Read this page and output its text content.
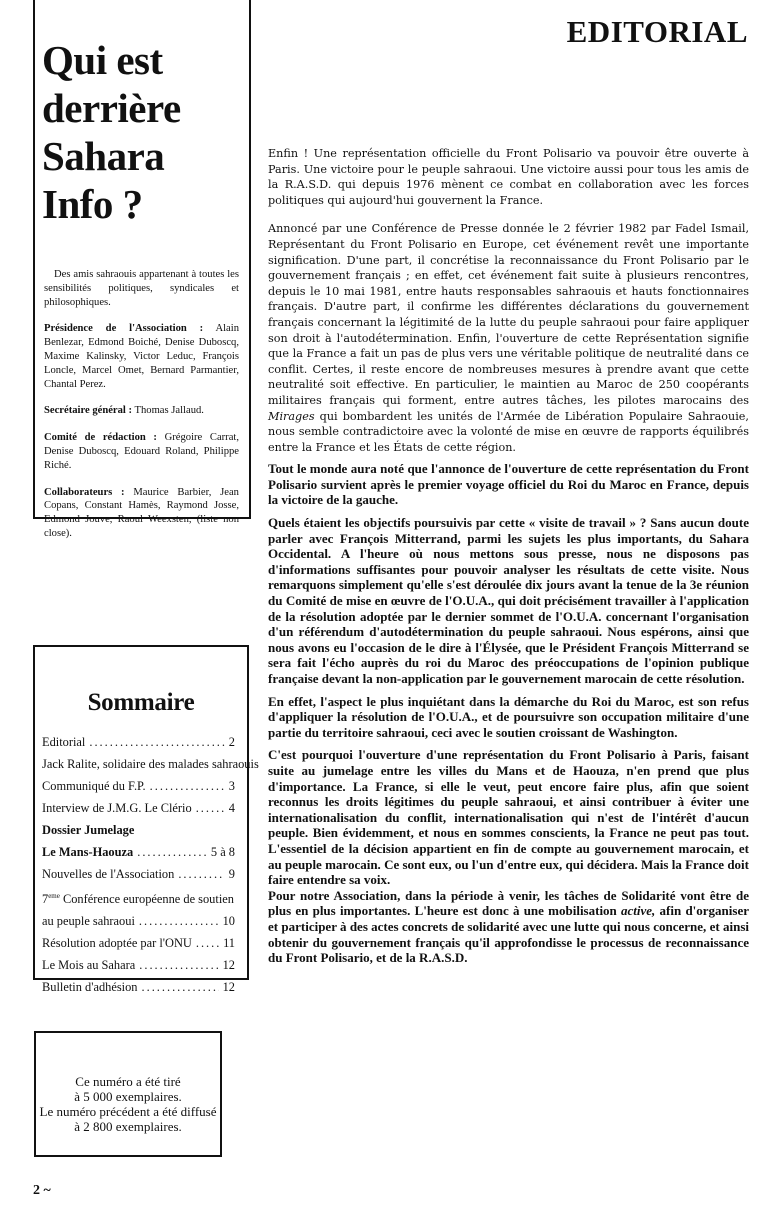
Qui est
derrière
Sahara
Info ?
Des amis sahraouis appartenant à toutes les sensibilités politiques, syndicales et philosophiques.
Présidence de l'Association : Alain Benlezar, Edmond Boiché, Denise Duboscq, Maxime Kalinsky, Victor Leduc, François Loncle, Marcel Omet, Bernard Parmantier, Chantal Perez.
Secrétaire général : Thomas Jallaud.
Comité de rédaction : Grégoire Carrat, Denise Duboscq, Edouard Roland, Philippe Riché.
Collaborateurs : Maurice Barbier, Jean Copans, Constant Hamès, Raymond Josse, Edmond Jouve, Raoul Weexsten, (liste non close).
Sommaire
Editorial .....	2
Jack Ralite, solidaire des malades sahraouis
Communiqué du F.P. .....	3
Interview de J.M.G. Le Clério .....	4
Dossier Jumelage
Le Mans-Haouza .....	5 à 8
Nouvelles de l'Association .....	9
7eme Conférence européenne de soutien
au peuple sahraoui .....	10
Résolution adoptée par l'ONU .....	11
Le Mois au Sahara .....	12
Bulletin d'adhésion .....	12
Ce numéro a été tiré
à 5 000 exemplaires.
Le numéro précédent a été diffusé
à 2 800 exemplaires.
2 ~
EDITORIAL

Enfin ! Une représentation officielle du Front Polisario va pouvoir être ouverte à Paris. Une victoire pour le peuple sahraoui. Une victoire aussi pour tous les amis de la R.A.S.D. qui depuis 1976 mènent ce combat en collaboration avec les forces politiques qui aujourd'hui gouvernent la France.

Annoncé par une Conférence de Presse donnée le 2 février 1982 par Fadel Ismail, Représentant du Front Polisario en Europe, cet événement revêt une importante signification. D'une part, il concrétise la reconnaissance du Front Polisario par le gouvernement français ; en effet, cet événement fait suite à plusieurs rencontres, depuis le 10 mai 1981, entre hauts responsables sahraouis et hauts fonctionnaires français. D'autre part, il confirme les différentes déclarations du gouvernement français concernant la légitimité de la lutte du peuple sahraoui pour faire appliquer son droit à l'autodétermination. Enfin, l'ouverture de cette Représentation signifie que la France a fait un pas de plus vers une véritable politique de neutralité dans ce conflit. Certes, il reste encore de nombreuses mesures à prendre avant que cette neutralité soit effective. En particulier, le maintien au Maroc de 250 coopérants militaires français qui forment, entre autres tâches, les pilotes marocains des Mirages qui bombardent les unités de l'Armée de Libération Populaire Sahraouie, nous semble contradictoire avec la volonté de mise en œuvre de rapports équilibrés entre la France et les États de cette région.

Tout le monde aura noté que l'annonce de l'ouverture de cette représentation du Front Polisario survient après le premier voyage officiel du Roi du Maroc en France, depuis la victoire de la gauche.

Quels étaient les objectifs poursuivis par cette « visite de travail » ? Sans aucun doute parler avec François Mitterrand, parmi les sujets les plus importants, du Sahara Occidental. A l'heure où nous mettons sous presse, nous ne disposons pas d'informations suffisantes pour pouvoir analyser les résultats de cette visite. Nous remarquons simplement qu'elle s'est déroulée dix jours avant la tenue de la 3e réunion du Comité de mise en œuvre de l'O.U.A., qui doit précisément travailler à l'application de la résolution adoptée par le dernier sommet de l'O.U.A. concernant l'organisation d'un référendum d'autodétermination du peuple sahraoui. Nous espérons, ainsi que nous avons eu l'occasion de le dire à l'Élysée, que le Président François Mitterrand se sera fait l'écho auprès du roi du Maroc des préoccupations de l'opinion publique française devant la non-application par le gouvernement marocain de cette résolution.

En effet, l'aspect le plus inquiétant dans la démarche du Roi du Maroc, est son refus d'appliquer la résolution de l'O.U.A., et de poursuivre son occupation militaire d'une partie du territoire sahraoui, ceci avec le soutien croissant de Washington.

C'est pourquoi l'ouverture d'une représentation du Front Polisario à Paris, faisant suite au jumelage entre les villes du Mans et de Haouza, n'en prend que plus d'importance. La France, si elle le veut, peut encore faire plus, afin que soient reconnus les droits légitimes du peuple sahraoui, et ainsi contribuer à éviter une internationalisation du conflit, internationalisation qui n'est de l'intérêt d'aucun peuple. Bien évidemment, et nous en sommes conscients, la France ne peut pas tout. L'essentiel de la décision appartient en fin de compte au gouvernement marocain, et au peuple marocain. Ce sont eux, ou l'un d'entre eux, qui décidera. Mais la France doit faire entendre sa voix.

Pour notre Association, dans la période à venir, les tâches de Solidarité vont être de plus en plus importantes. L'heure est donc à une mobilisation active, afin d'organiser et participer à des actes concrets de solidarité avec une lutte qui nous concerne, et ainsi obtenir du gouvernement français qu'il approfondisse le processus de reconnaissance du Front Polisario, et de la R.A.S.D.
